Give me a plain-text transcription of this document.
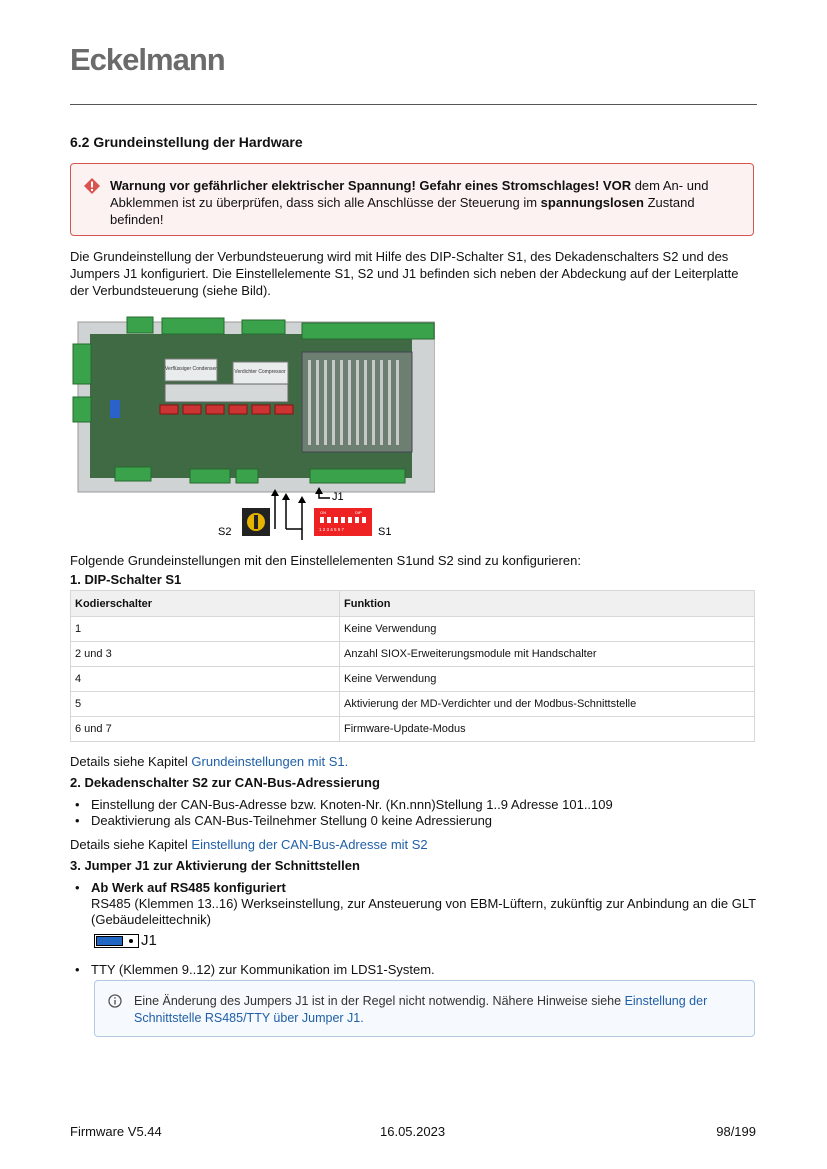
Eckelmann
6.2 Grundeinstellung der Hardware
Warnung vor gefährlicher elektrischer Spannung! Gefahr eines Stromschlages! VOR dem An- und Abklemmen ist zu überprüfen, dass sich alle Anschlüsse der Steuerung im spannungslosen Zustand befinden!
Die Grundeinstellung der Verbundsteuerung wird mit Hilfe des DIP-Schalter S1, des Dekadenschalters S2 und des Jumpers J1 konfiguriert. Die Einstellelemente S1, S2 und J1 befinden sich neben der Abdeckung auf der Leiterplatte der Verbundsteuerung (siehe Bild).
Verflüssiger Condenser	Verdichter Compressor
J1
S2
ON	DIP
1 2 3 4 5 6 7	S1
Folgende Grundeinstellungen mit den Einstellelementen S1und S2 sind zu konfigurieren:
1. DIP-Schalter S1
Kodierschalter	Funktion
1	Keine Verwendung
2 und 3	Anzahl SIOX-Erweiterungsmodule mit Handschalter
4	Keine Verwendung
5	Aktivierung der MD-Verdichter und der Modbus-Schnittstelle
6 und 7	Firmware-Update-Modus
Details siehe Kapitel Grundeinstellungen mit S1.
2. Dekadenschalter S2 zur CAN-Bus-Adressierung
• Einstellung der CAN-Bus-Adresse bzw. Knoten-Nr. (Kn.nnn)Stellung 1..9 Adresse 101..109
• Deaktivierung als CAN-Bus-Teilnehmer Stellung 0 keine Adressierung
Details siehe Kapitel Einstellung der CAN-Bus-Adresse mit S2
3. Jumper J1 zur Aktivierung der Schnittstellen
• Ab Werk auf RS485 konfiguriert
RS485 (Klemmen 13..16) Werkseinstellung, zur Ansteuerung von EBM-Lüftern, zukünftig zur Anbindung an die GLT (Gebäudeleittechnik)
J1
• TTY (Klemmen 9..12) zur Kommunikation im LDS1-System.
Eine Änderung des Jumpers J1 ist in der Regel nicht notwendig. Nähere Hinweise siehe Einstellung der Schnittstelle RS485/TTY über Jumper J1.
Firmware V5.44	16.05.2023	98/199
